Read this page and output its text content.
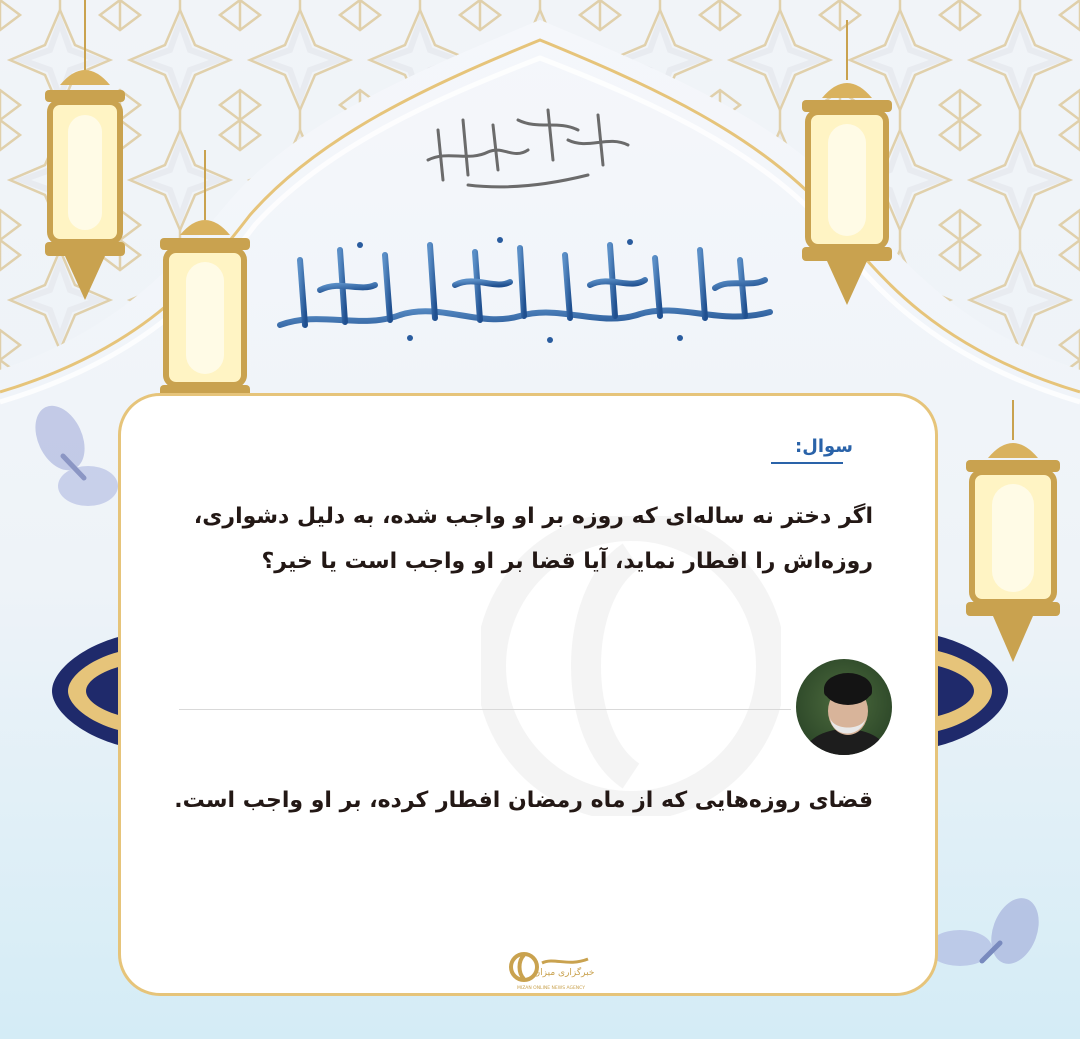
بسم الله الرحمن الرحیم
شهر رمضان الذی انزل فیه القرآن
سوال:
اگر دختر نه ساله‌ای که روزه بر او واجب شده، به دلیل دشواری، روزه‌اش را افطار نماید، آیا قضا بر او واجب است یا خیر؟
قضای روزه‌هایی که از ماه رمضان افطار کرده، بر او واجب است.
خبرگزاری میزان
MIZAN ONLINE NEWS AGENCY
